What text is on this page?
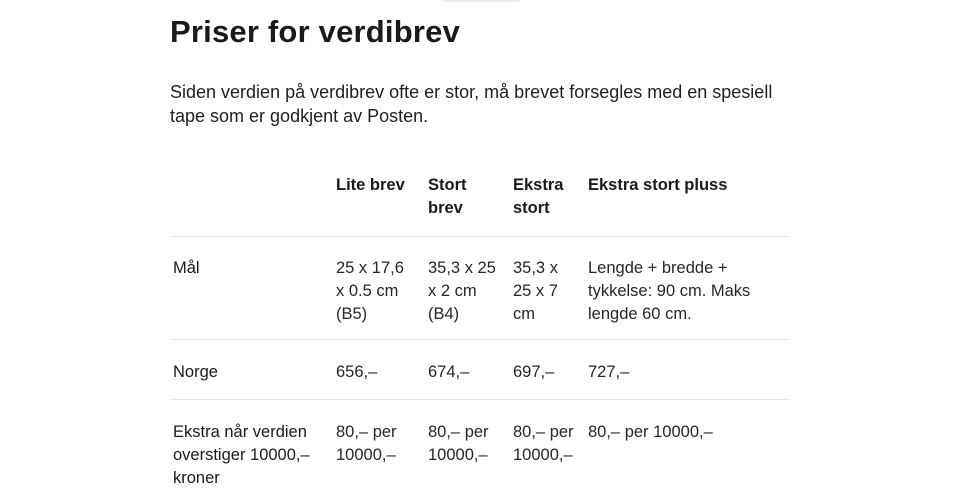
Priser for verdibrev

Siden verdien på verdibrev ofte er stor, må brevet forsegles med en spesiell tape som er godkjent av Posten.

	Lite brev	Stort brev	Ekstra stort	Ekstra stort pluss
Mål	25 x 17,6 x 0.5 cm (B5)	35,3 x 25 x 2 cm (B4)	35,3 x 25 x 7 cm	Lengde + bredde + tykkelse: 90 cm. Maks lengde 60 cm.
Norge	656,–	674,–	697,–	727,–
Ekstra når verdien overstiger 10000,– kroner	80,– per 10000,–	80,– per 10000,–	80,– per 10000,–	80,– per 10000,–
